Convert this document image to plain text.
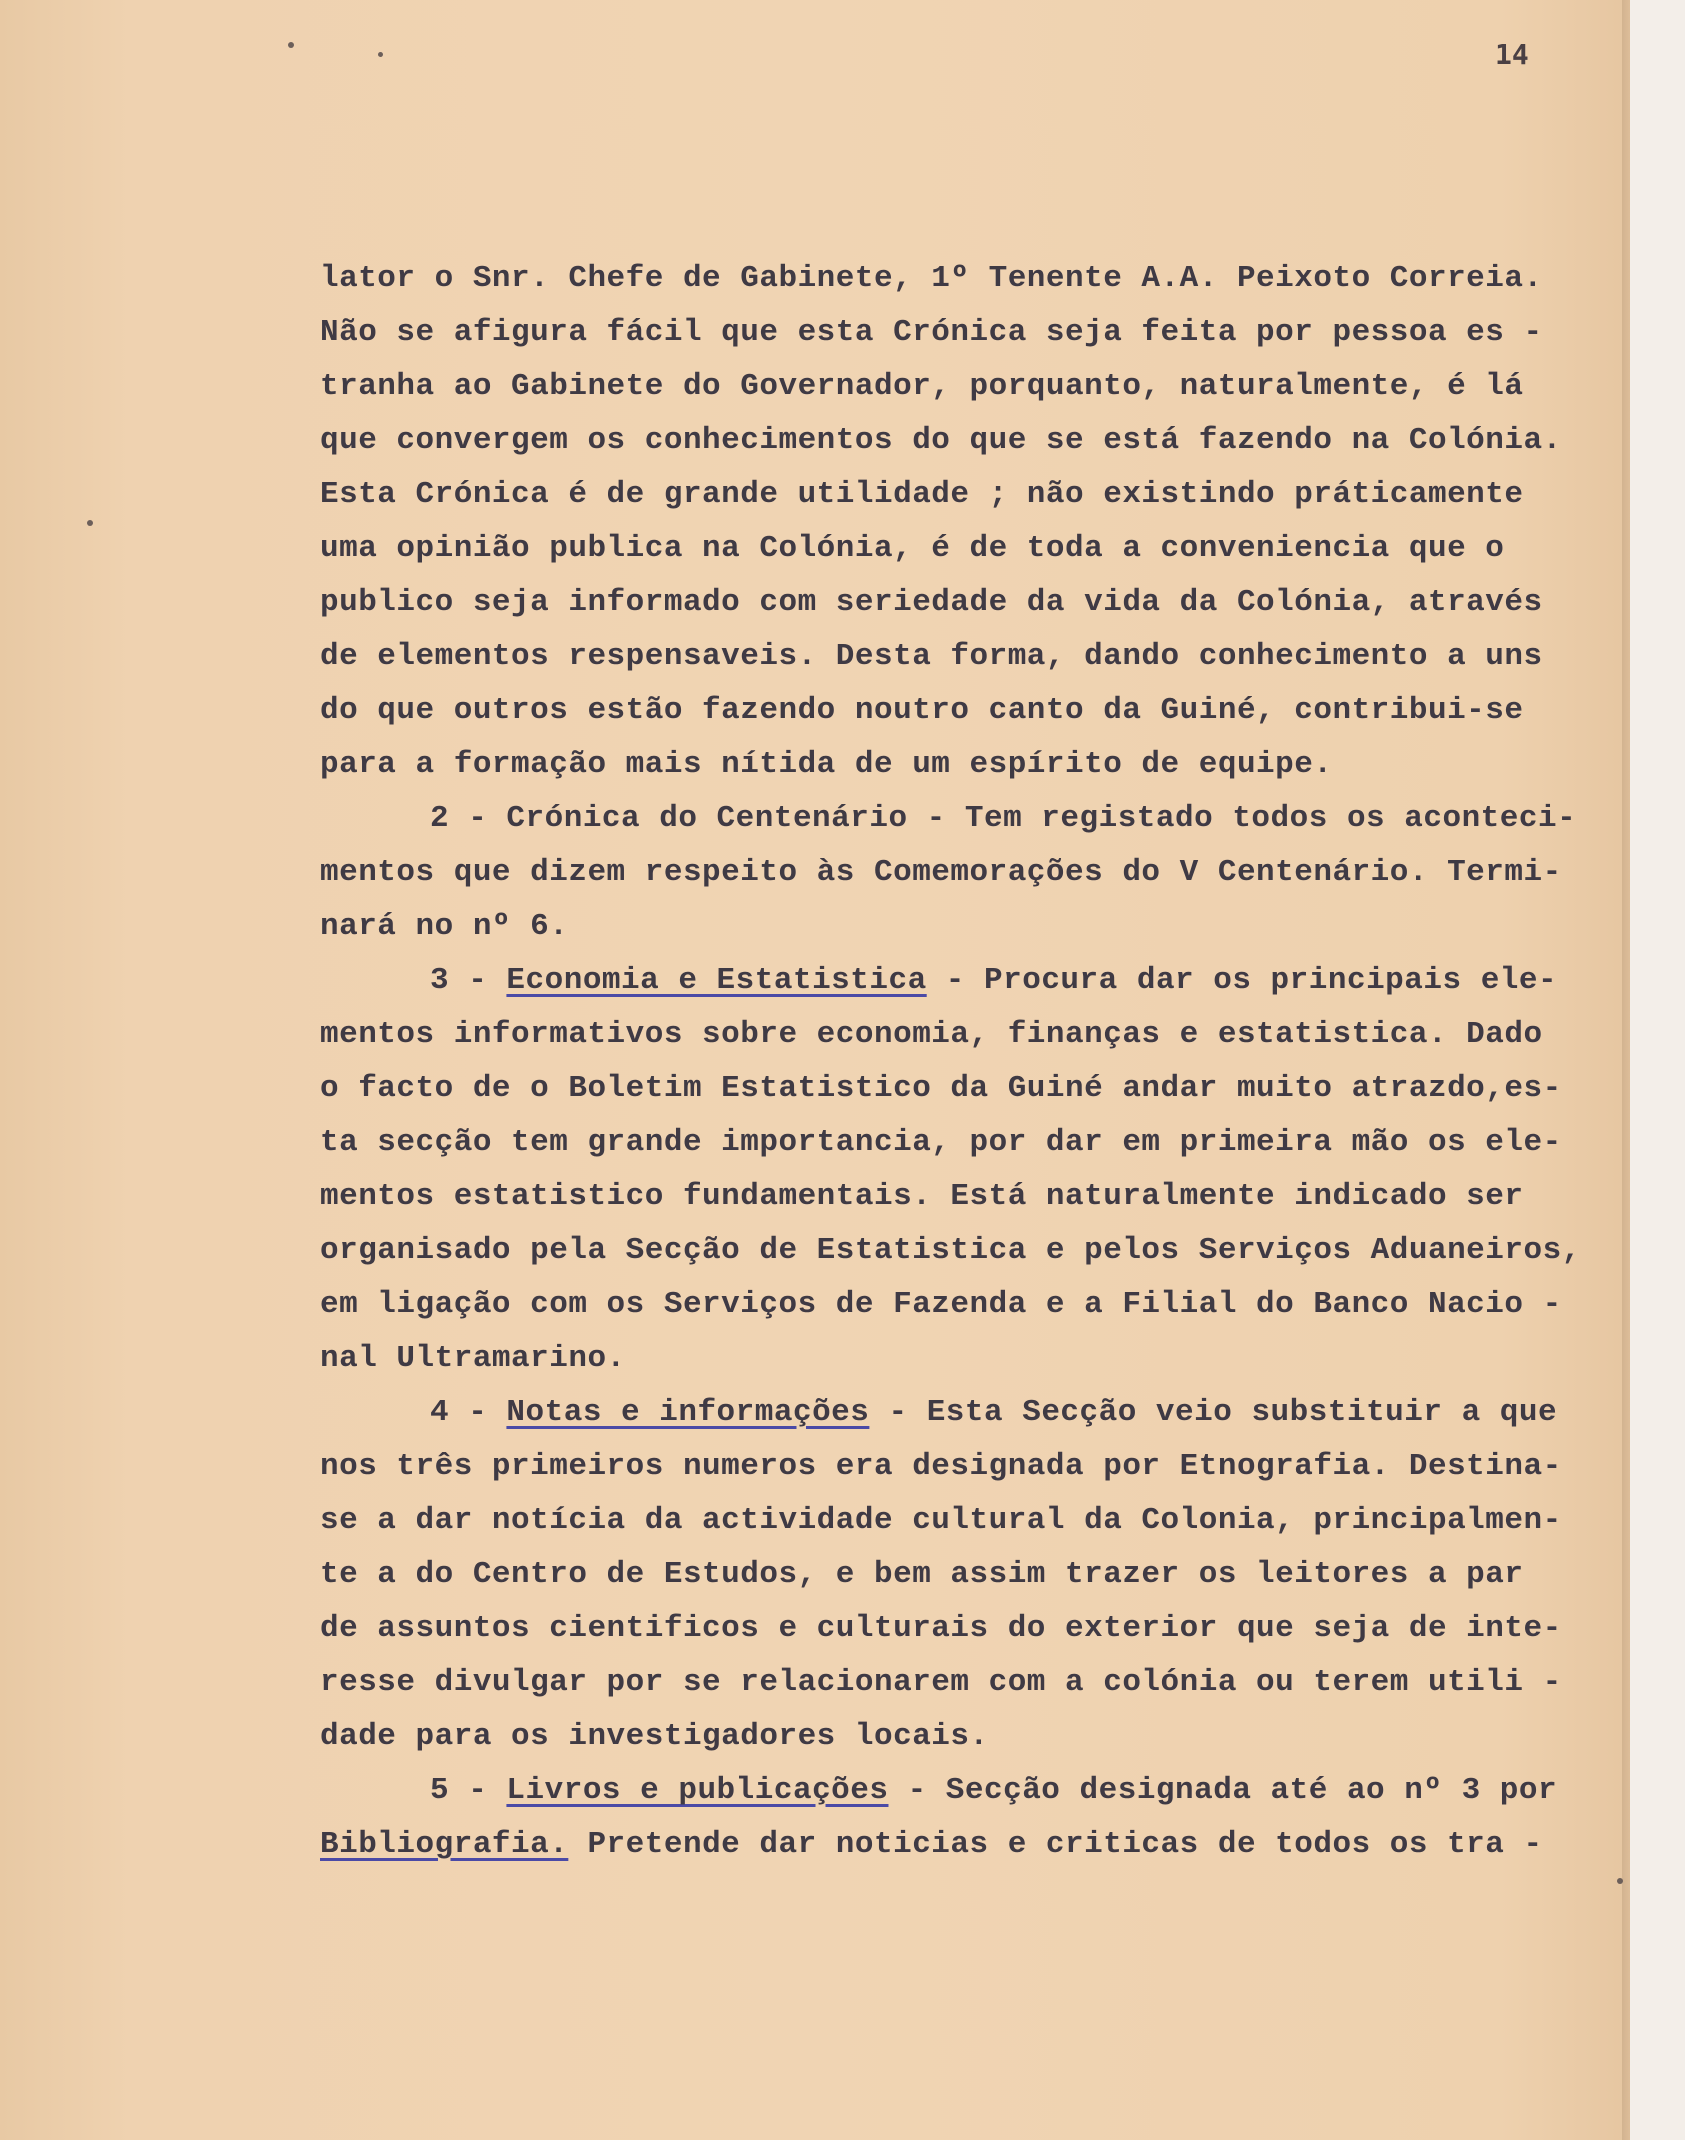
14
lator o Snr. Chefe de Gabinete, 1º Tenente A.A. Peixoto Correia.
Não se afigura fácil que esta Crónica seja feita por pessoa es -
tranha ao Gabinete do Governador, porquanto, naturalmente, é lá
que convergem os conhecimentos do que se está fazendo na Colónia.
Esta Crónica é de grande utilidade ; não existindo práticamente
uma opinião publica na Colónia, é de toda a conveniencia que o
publico seja informado com seriedade da vida da Colónia, através
de elementos respensaveis. Desta forma, dando conhecimento a uns
do que outros estão fazendo noutro canto da Guiné, contribui-se
para a formação mais nítida de um espírito de equipe.
2 - Crónica do Centenário - Tem registado todos os aconteci-
mentos que dizem respeito às Comemorações do V Centenário. Termi-
nará no nº 6.
3 - Economia e Estatistica - Procura dar os principais ele-
mentos informativos sobre economia, finanças e estatistica. Dado
o facto de o Boletim Estatistico da Guiné andar muito atrazdo,es-
ta secção tem grande importancia, por dar em primeira mão os ele-
mentos estatistico fundamentais. Está naturalmente indicado ser
organisado pela Secção de Estatistica e pelos Serviços Aduaneiros,
em ligação com os Serviços de Fazenda e a Filial do Banco Nacio -
nal Ultramarino.
4 - Notas e informações - Esta Secção veio substituir a que
nos três primeiros numeros era designada por Etnografia. Destina-
se a dar notícia da actividade cultural da Colonia, principalmen-
te a do Centro de Estudos, e bem assim trazer os leitores a par
de assuntos cientificos e culturais do exterior que seja de inte-
resse divulgar por se relacionarem com a colónia ou terem utili -
dade para os investigadores locais.
5 - Livros e publicações - Secção designada até ao nº 3 por
Bibliografia. Pretende dar noticias e criticas de todos os tra -
